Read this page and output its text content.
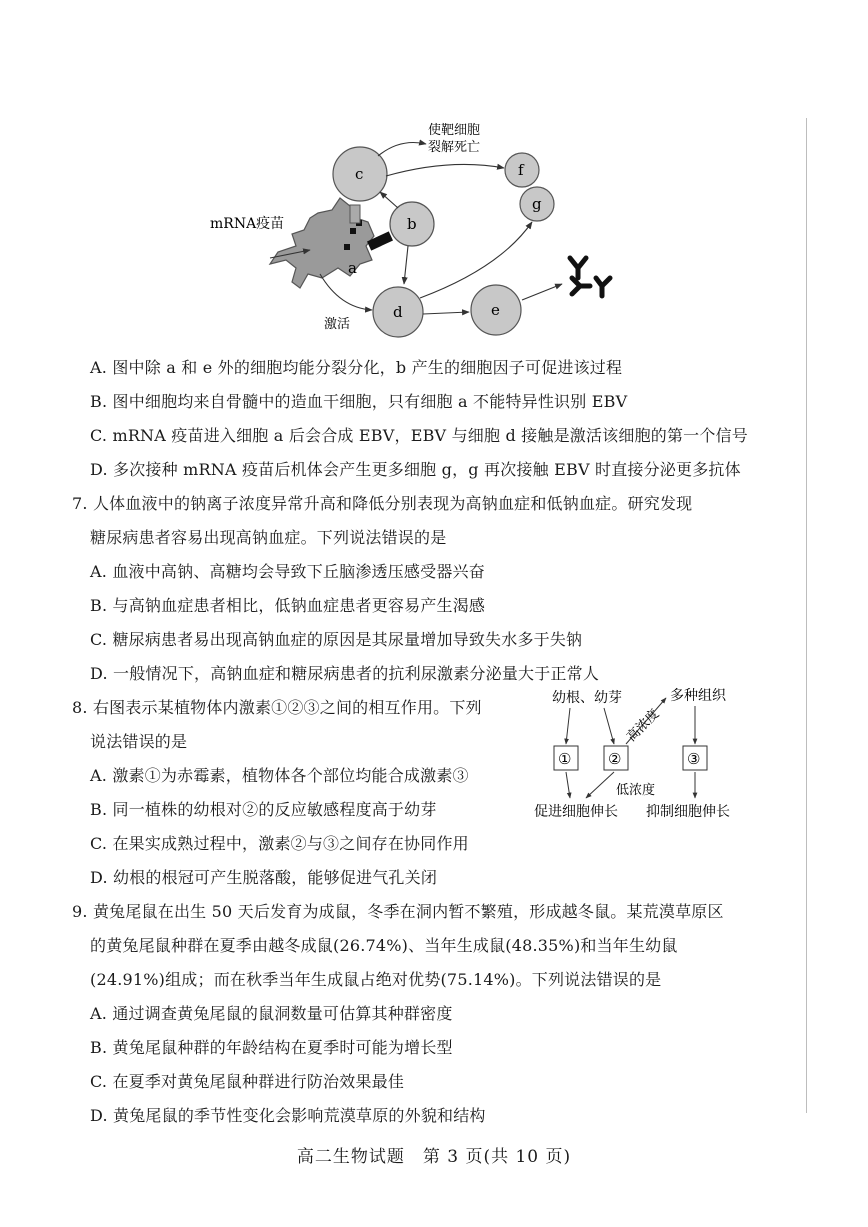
c
b
a
d	e
f
g
mRNA疫苗
使靶细胞
裂解死亡
激活
A. 图中除 a 和 e 外的细胞均能分裂分化，b 产生的细胞因子可促进该过程
B. 图中细胞均来自骨髓中的造血干细胞，只有细胞 a 不能特异性识别 EBV
C. mRNA 疫苗进入细胞 a 后会合成 EBV，EBV 与细胞 d 接触是激活该细胞的第一个信号
D. 多次接种 mRNA 疫苗后机体会产生更多细胞 g，g 再次接触 EBV 时直接分泌更多抗体
7. 人体血液中的钠离子浓度异常升高和降低分别表现为高钠血症和低钠血症。研究发现
糖尿病患者容易出现高钠血症。下列说法错误的是
A. 血液中高钠、高糖均会导致下丘脑渗透压感受器兴奋
B. 与高钠血症患者相比，低钠血症患者更容易产生渴感
C. 糖尿病患者易出现高钠血症的原因是其尿量增加导致失水多于失钠
D. 一般情况下，高钠血症和糖尿病患者的抗利尿激素分泌量大于正常人
8. 右图表示某植物体内激素①②③之间的相互作用。下列
说法错误的是
A. 激素①为赤霉素，植物体各个部位均能合成激素③
B. 同一植株的幼根对②的反应敏感程度高于幼芽
C. 在果实成熟过程中，激素②与③之间存在协同作用
D. 幼根的根冠可产生脱落酸，能够促进气孔关闭
幼根、幼芽	多种组织
① ②	③
高浓度
低浓度
促进细胞伸长 抑制细胞伸长
9. 黄兔尾鼠在出生 50 天后发育为成鼠，冬季在洞内暂不繁殖，形成越冬鼠。某荒漠草原区
的黄兔尾鼠种群在夏季由越冬成鼠(26.74%)、当年生成鼠(48.35%)和当年生幼鼠
(24.91%)组成；而在秋季当年生成鼠占绝对优势(75.14%)。下列说法错误的是
A. 通过调查黄兔尾鼠的鼠洞数量可估算其种群密度
B. 黄兔尾鼠种群的年龄结构在夏季时可能为增长型
C. 在夏季对黄兔尾鼠种群进行防治效果最佳
D. 黄兔尾鼠的季节性变化会影响荒漠草原的外貌和结构
高二生物试题　第 3 页(共 10 页)
